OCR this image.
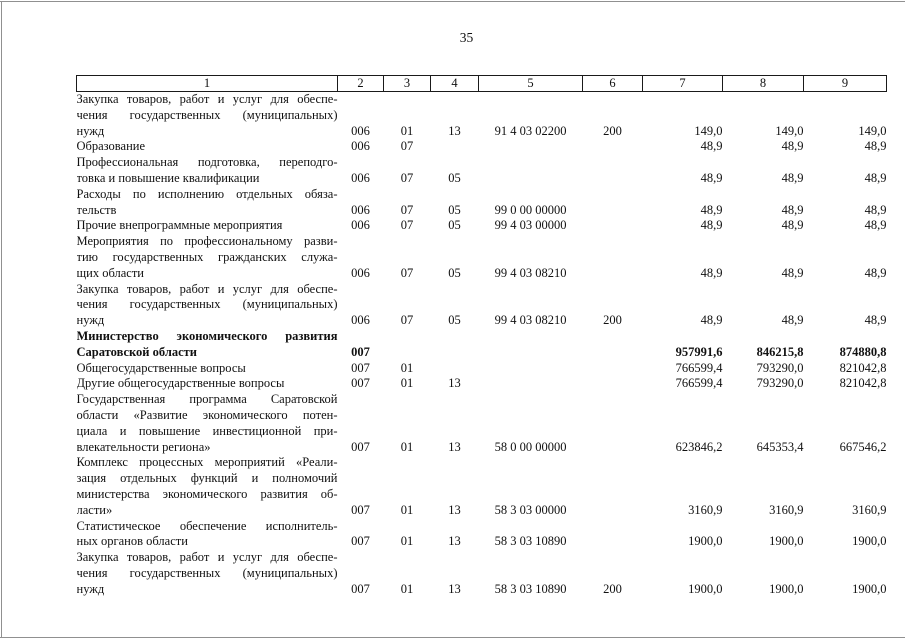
35
1	2	3	4	5	6	7	8	9

Закупка товаров, работ и услуг для обеспе-
чения государственных (муниципальных)
нужд	006	01	13	91 4 03 02200	200	149,0	149,0	149,0

Образование	006	07				48,9	48,9	48,9

Профессиональная подготовка, переподго-
товка и повышение квалификации	006	07	05			48,9	48,9	48,9

Расходы по исполнению отдельных обяза-
тельств	006	07	05	99 0 00 00000		48,9	48,9	48,9

Прочие внепрограммные мероприятия	006	07	05	99 4 03 00000		48,9	48,9	48,9

Мероприятия по профессиональному разви-
тию государственных гражданских служа-
щих области	006	07	05	99 4 03 08210		48,9	48,9	48,9

Закупка товаров, работ и услуг для обеспе-
чения государственных (муниципальных)
нужд	006	07	05	99 4 03 08210	200	48,9	48,9	48,9

Министерство экономического развития
Саратовской области	007					957991,6	846215,8	874880,8

Общегосударственные вопросы	007	01				766599,4	793290,0	821042,8

Другие общегосударственные вопросы	007	01	13			766599,4	793290,0	821042,8

Государственная программа Саратовской
области «Развитие экономического потен-
циала и повышение инвестиционной при-
влекательности региона»	007	01	13	58 0 00 00000		623846,2	645353,4	667546,2

Комплекс процессных мероприятий «Реали-
зация отдельных функций и полномочий
министерства экономического развития об-
ласти»	007	01	13	58 3 03 00000		3160,9	3160,9	3160,9

Статистическое обеспечение исполнитель-
ных органов области	007	01	13	58 3 03 10890		1900,0	1900,0	1900,0

Закупка товаров, работ и услуг для обеспе-
чения государственных (муниципальных)
нужд	007	01	13	58 3 03 10890	200	1900,0	1900,0	1900,0
